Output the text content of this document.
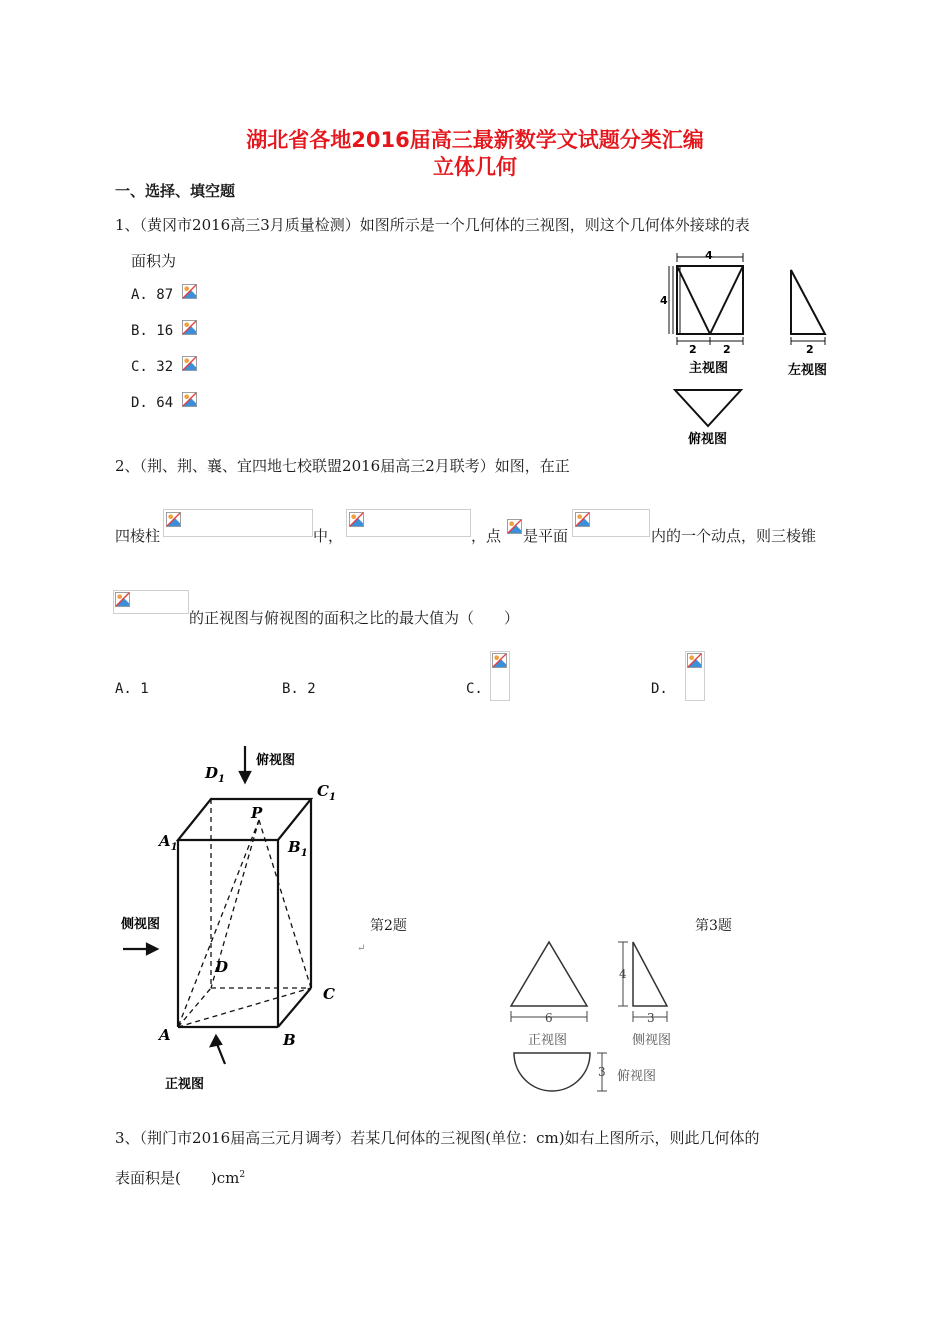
湖北省各地2016届高三最新数学文试题分类汇编
立体几何
一、选择、填空题
1、（黄冈市2016高三3月质量检测）如图所示是一个几何体的三视图，则这个几何体外接球的表
面积为
A. 87
B. 16
C. 32
D. 64
4
4
2 2
主视图
2
左视图
俯视图
2、（荆、荆、襄、宜四地七校联盟2016届高三2月联考）如图，在正
四棱柱	中，	，点 是平面	内的一个动点，则三棱锥
的正视图与俯视图的面积之比的最大值为（　　）
A. 1	B. 2	C.	D.
俯视图
侧视图
正视图
$D_1$
$C_1$
$A_1$	$B_1$
P
D
C
A	B
第2题
↵
第3题
6
4
3
3
正视图	侧视图
俯视图
3、（荆门市2016届高三元月调考）若某几何体的三视图(单位：cm)如右上图所示，则此几何体的
表面积是(　　)$cm^2$
